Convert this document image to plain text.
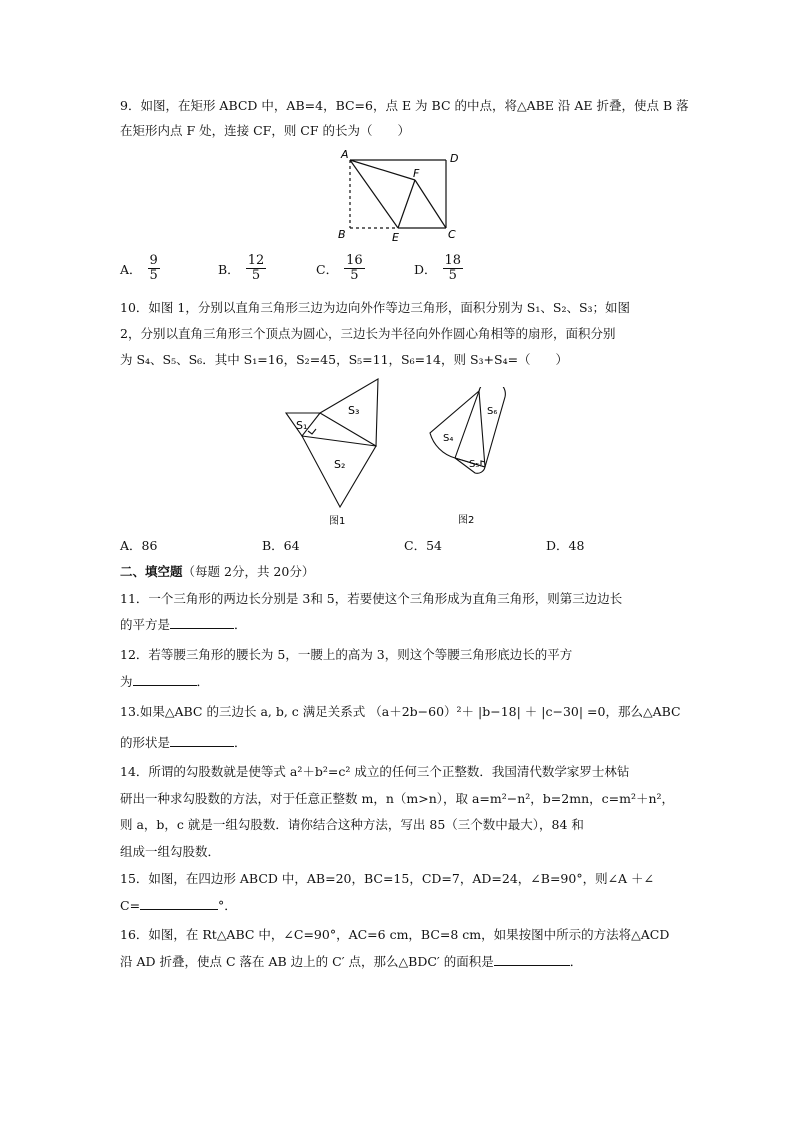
9．如图，在矩形 ABCD 中，AB=4，BC=6，点 E 为 BC 的中点，将△ABE 沿 AE 折叠，使点 B 落
在矩形内点 F 处，连接 CF，则 CF 的长为（　　）
A	D
F
B	E	C
A． $\frac{9}{5}$	B． $\frac{12}{5}$	C． $\frac{16}{5}$	D． $\frac{18}{5}$
10．如图 1，分别以直角三角形三边为边向外作等边三角形，面积分别为 S₁、S₂、S₃；如图
2，分别以直角三角形三个顶点为圆心，三边长为半径向外作圆心角相等的扇形，面积分别
为 S₄、S₅、S₆．其中 S₁=16，S₂=45，S₅=11，S₆=14，则 S₃+S₄=（　　）
S₁
S₃
S₂
图1
S₆
S₄
S₅
图2
A．86	B．64	C．54	D．48
二、填空题（每题 2分，共 20分）
11．一个三角形的两边长分别是 3和 5，若要使这个三角形成为直角三角形，则第三边边长
的平方是	．
12．若等腰三角形的腰长为 5，一腰上的高为 3，则这个等腰三角形底边长的平方
为	．
13.如果△ABC 的三边长 a, b, c 满足关系式 （a＋2b−60）²＋ |b−18| ＋ |c−30| =0，那么△ABC
的形状是	．
14．所谓的勾股数就是使等式 a²＋b²=c² 成立的任何三个正整数．我国清代数学家罗士林钻
研出一种求勾股数的方法，对于任意正整数 m，n（m>n），取 a=m²−n²，b=2mn，c=m²＋n²，
则 a，b，c 就是一组勾股数．请你结合这种方法，写出 85（三个数中最大），84 和
组成一组勾股数．
15．如图，在四边形 ABCD 中，AB=20，BC=15，CD=7，AD=24，∠B=90°，则∠A ＋∠
C=	°．
16．如图，在 Rt△ABC 中，∠C=90°，AC=6 cm，BC=8 cm，如果按图中所示的方法将△ACD
沿 AD 折叠，使点 C 落在 AB 边上的 C′ 点，那么△BDC′ 的面积是	．
